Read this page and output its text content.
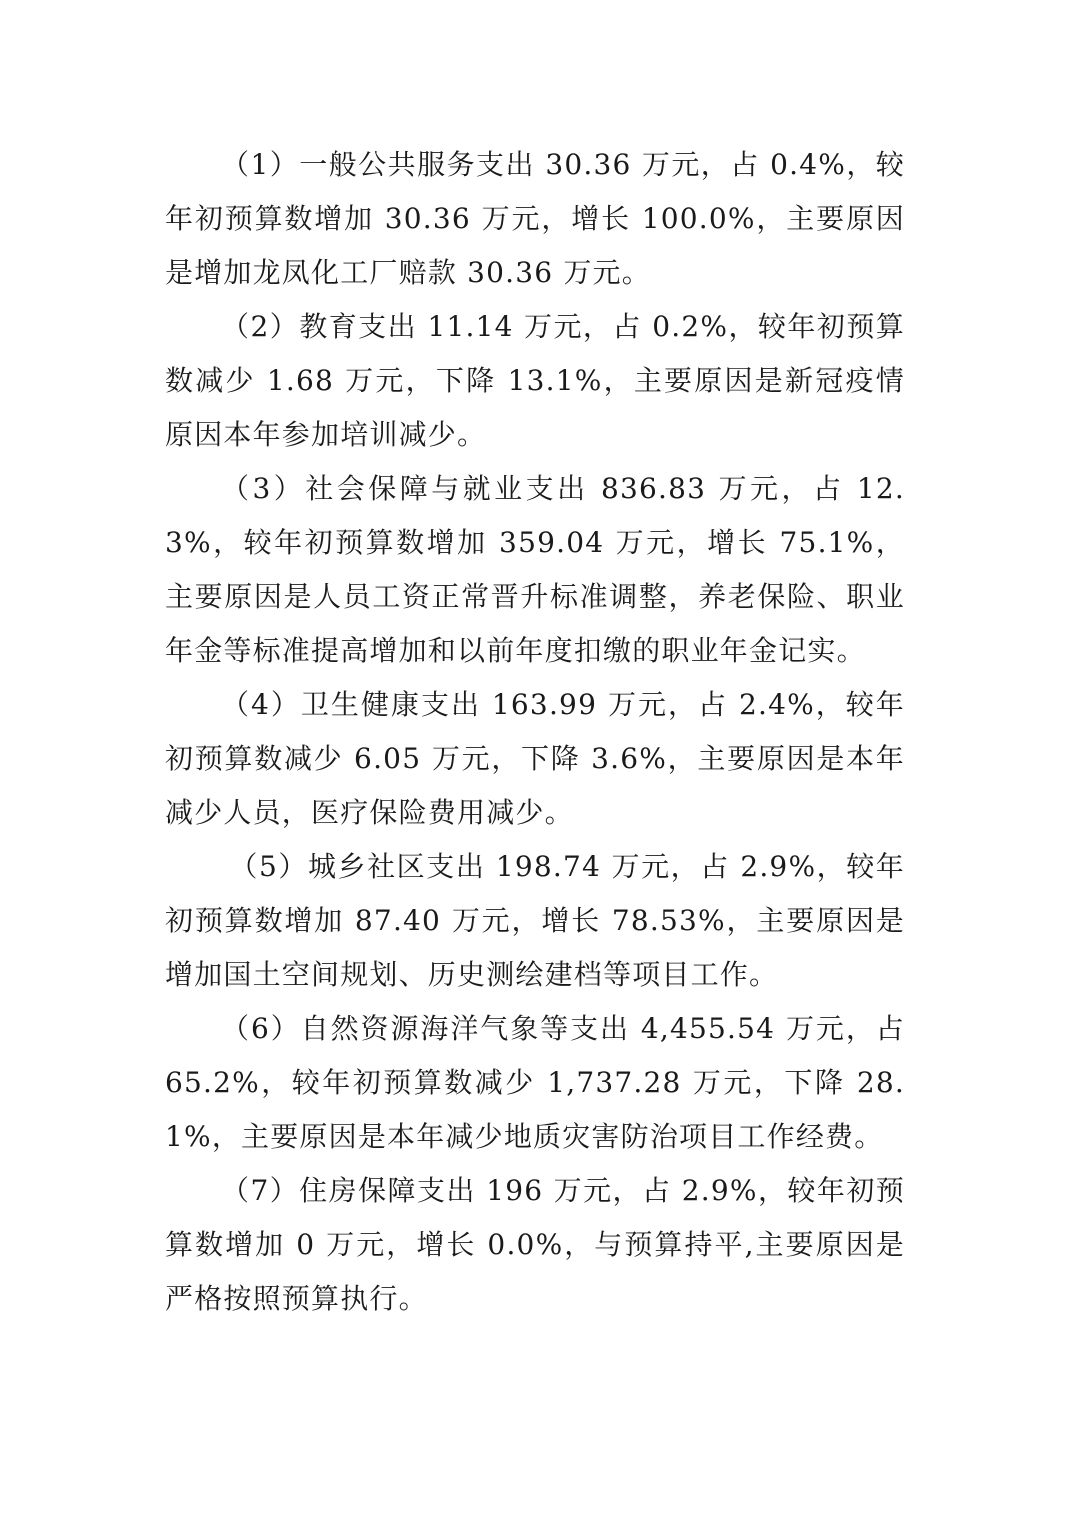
（1）一般公共服务支出 30.36 万元，占 0.4%，较年初预算数增加 30.36 万元，增长 100.0%，主要原因是增加龙凤化工厂赔款 30.36 万元。

（2）教育支出 11.14 万元，占 0.2%，较年初预算数减少 1.68 万元，下降 13.1%，主要原因是新冠疫情原因本年参加培训减少。

（3）社会保障与就业支出 836.83 万元，占 12.3%，较年初预算数增加 359.04 万元，增长 75.1%，主要原因是人员工资正常晋升标准调整，养老保险、职业年金等标准提高增加和以前年度扣缴的职业年金记实。

（4）卫生健康支出 163.99 万元，占 2.4%，较年初预算数减少 6.05 万元，下降 3.6%，主要原因是本年减少人员，医疗保险费用减少。

（5）城乡社区支出 198.74 万元，占 2.9%，较年初预算数增加 87.40 万元，增长 78.53%，主要原因是增加国土空间规划、历史测绘建档等项目工作。

（6）自然资源海洋气象等支出 4,455.54 万元，占 65.2%，较年初预算数减少 1,737.28 万元，下降 28.1%，主要原因是本年减少地质灾害防治项目工作经费。

（7）住房保障支出 196 万元，占 2.9%，较年初预算数增加 0 万元，增长 0.0%，与预算持平,主要原因是严格按照预算执行。
